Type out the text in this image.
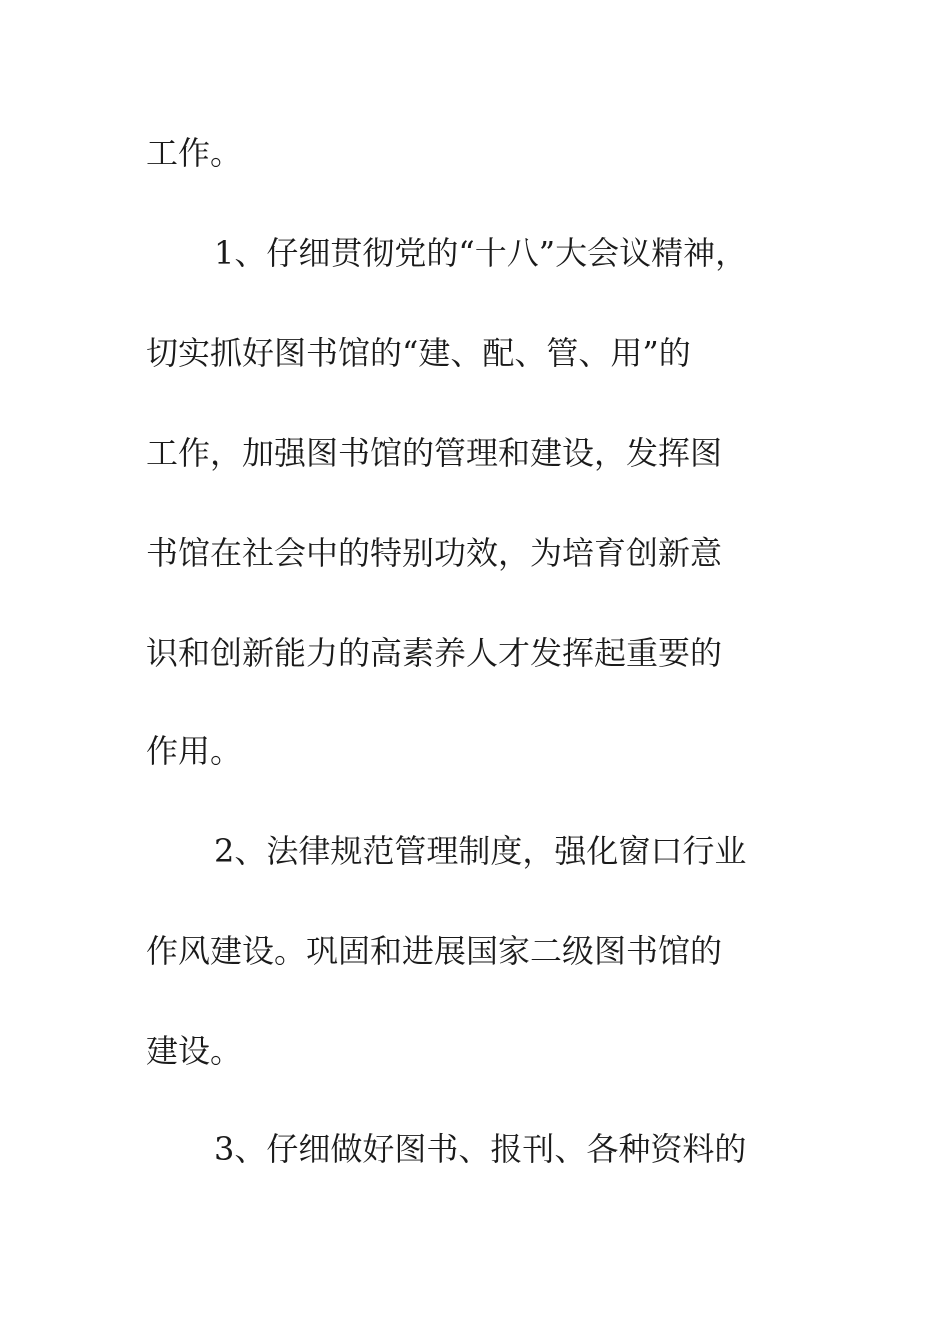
工作。
1、仔细贯彻党的“十八”大会议精神，
切实抓好图书馆的“建、配、管、用”的
工作，加强图书馆的管理和建设，发挥图
书馆在社会中的特别功效，为培育创新意
识和创新能力的高素养人才发挥起重要的
作用。
2、法律规范管理制度，强化窗口行业
作风建设。巩固和进展国家二级图书馆的
建设。
3、仔细做好图书、报刊、各种资料的
